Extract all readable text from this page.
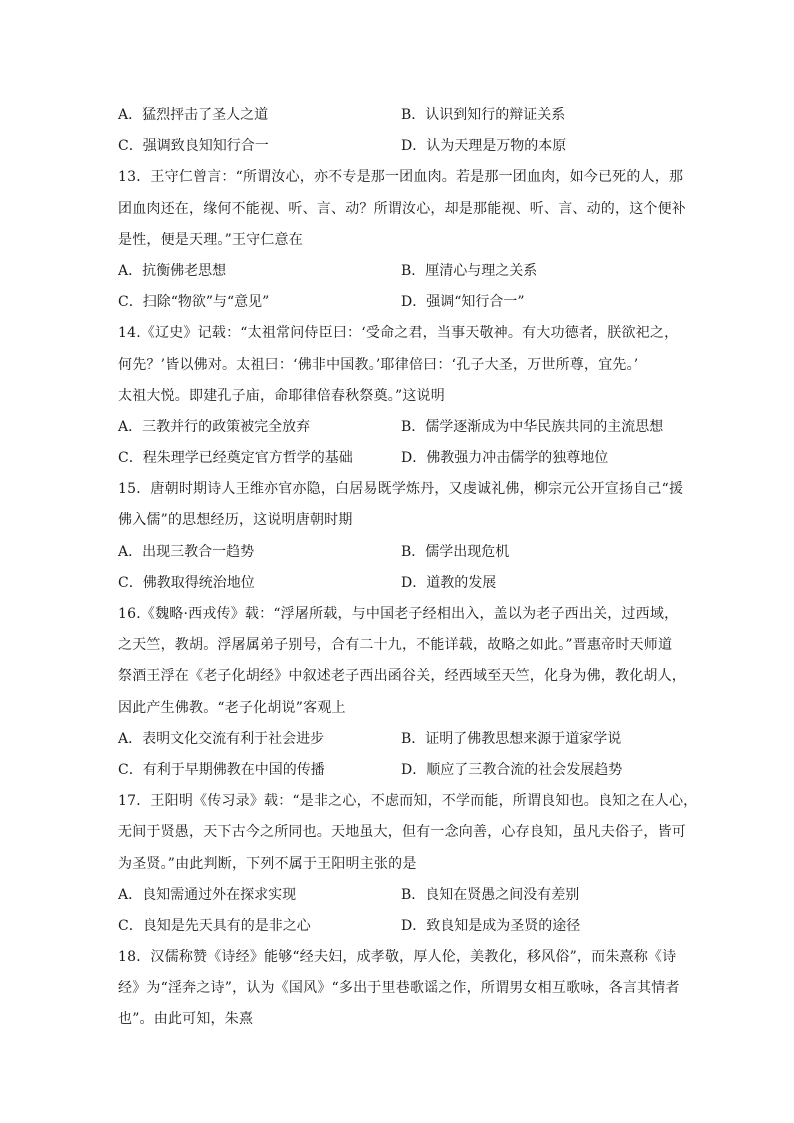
A．猛烈抨击了圣人之道	B．认识到知行的辩证关系
C．强调致良知知行合一	D．认为天理是万物的本原
13．王守仁曾言：“所谓汝心，亦不专是那一团血肉。若是那一团血肉，如今已死的人，那
团血肉还在，缘何不能视、听、言、动？所谓汝心，却是那能视、听、言、动的，这个便补
是性，便是天理。”王守仁意在
A．抗衡佛老思想	B．厘清心与理之关系
C．扫除“物欲”与“意见”	D．强调“知行合一”
14.《辽史》记载：“太祖常问侍臣曰：‘受命之君，当事天敬神。有大功德者，朕欲祀之，
何先？’皆以佛对。太祖曰：‘佛非中国教。’耶律倍曰：‘孔子大圣，万世所尊，宜先。’
太祖大悦。即建孔子庙，命耶律倍春秋祭奠。”这说明
A．三教并行的政策被完全放弃	B．儒学逐渐成为中华民族共同的主流思想
C．程朱理学已经奠定官方哲学的基础	D．佛教强力冲击儒学的独尊地位
15．唐朝时期诗人王维亦官亦隐，白居易既学炼丹，又虔诚礼佛，柳宗元公开宣扬自己“援
佛入儒”的思想经历，这说明唐朝时期
A．出现三教合一趋势	B．儒学出现危机
C．佛教取得统治地位	D．道教的发展
16.《魏略·西戎传》载：“浮屠所载，与中国老子经相出入，盖以为老子西出关，过西域，
之天竺，教胡。浮屠属弟子别号，合有二十九，不能详载，故略之如此。”晋惠帝时天师道
祭酒王浮在《老子化胡经》中叙述老子西出函谷关，经西域至天竺，化身为佛，教化胡人，
因此产生佛教。“老子化胡说”客观上
A．表明文化交流有利于社会进步	B．证明了佛教思想来源于道家学说
C．有利于早期佛教在中国的传播	D．顺应了三教合流的社会发展趋势
17．王阳明《传习录》载：“是非之心，不虑而知，不学而能，所谓良知也。良知之在人心，
无间于贤愚，天下古今之所同也。天地虽大，但有一念向善，心存良知，虽凡夫俗子，皆可
为圣贤。”由此判断，下列不属于王阳明主张的是
A．良知需通过外在探求实现	B．良知在贤愚之间没有差别
C．良知是先天具有的是非之心	D．致良知是成为圣贤的途径
18．汉儒称赞《诗经》能够“经夫妇，成孝敬，厚人伦，美教化，移风俗”，而朱熹称《诗
经》为“淫奔之诗”，认为《国风》“多出于里巷歌谣之作，所谓男女相互歌咏，各言其情者
也”。由此可知，朱熹
